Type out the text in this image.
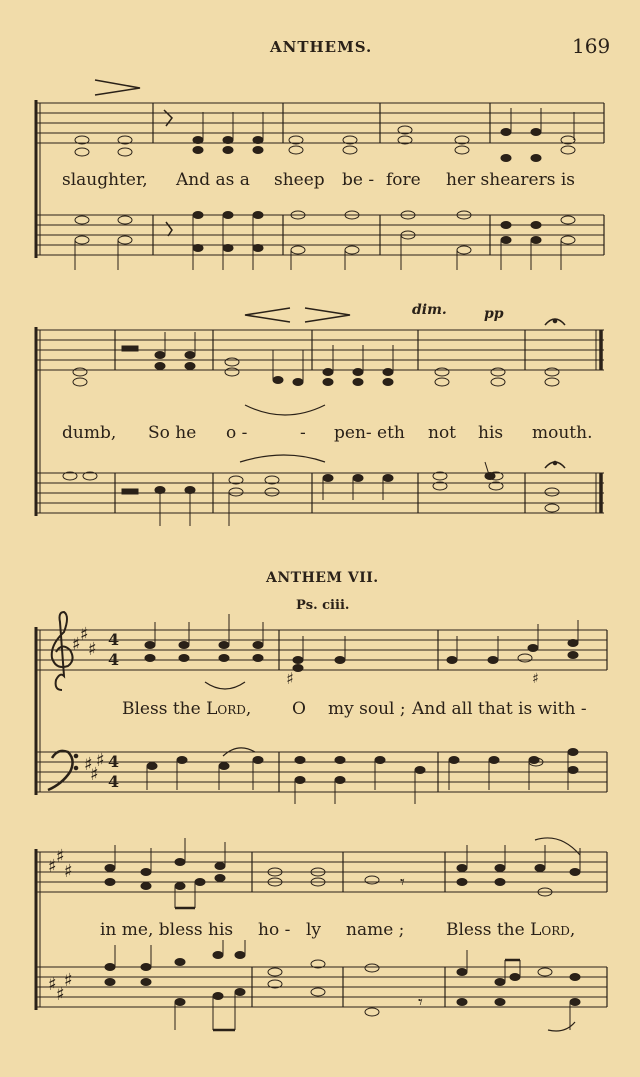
ANTHEMS.	169
♯ ♯
♯ 4
4
♯
♯
♯ 4
4
♯	♯
♯ ♯
♯
♯ ♯
♯
𝄾
𝄾
slaughter, And as a sheep be - fore her shearers is
dim.	pp
dumb, So he o -	- pen- eth not his mouth.
ANTHEM VII.
Ps. ciii.
Bless the Lord, O my soul ; And all that is with -
in me, bless his ho - ly name ; Bless the Lord,
